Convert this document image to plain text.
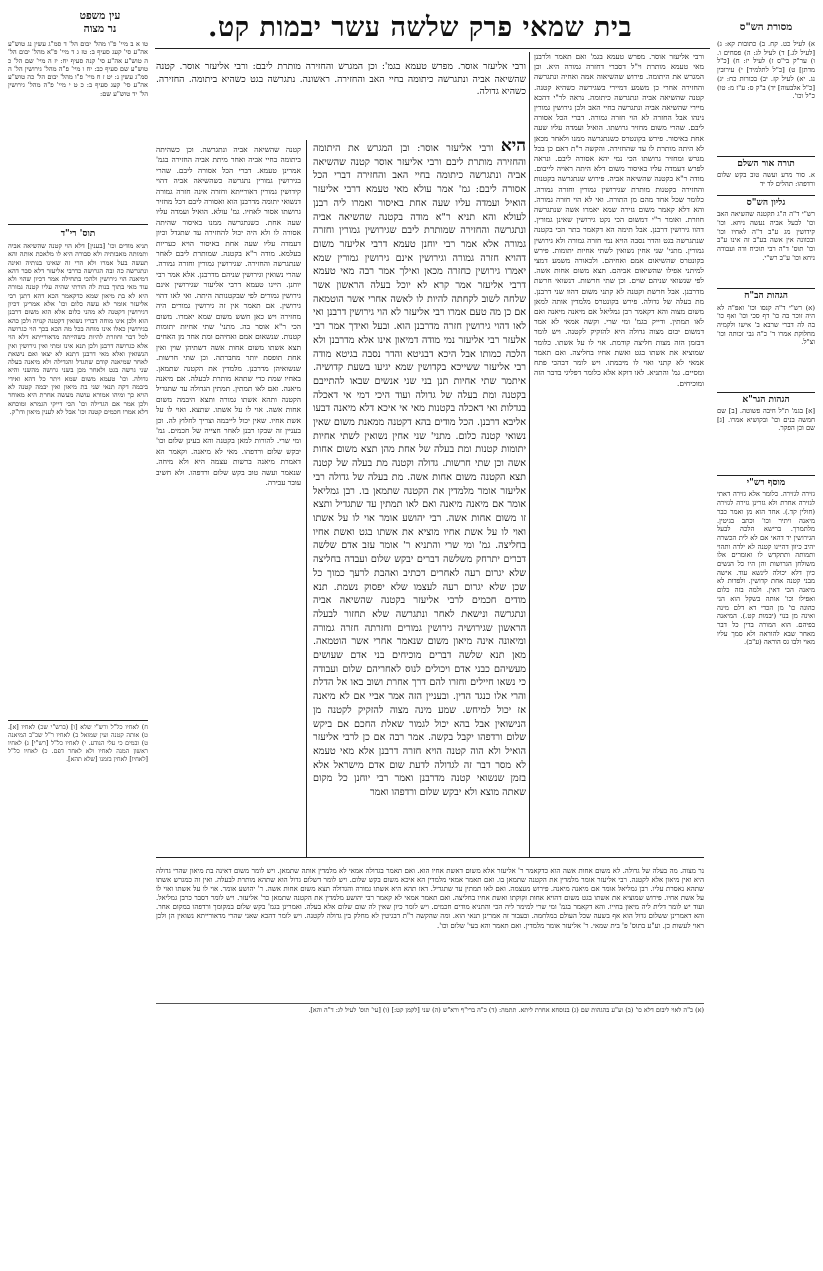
מסורת הש"ס
בית שמאי פרק שלשה עשר יבמות קט.
עין משפט
נר מצוה
א) לעיל כט. קח. ב) כתובות קא: ג) [לעיל לג.] ד) לעיל לג: ה) פסחים ו. ו) ער"ק בי"ס ז) לעיל יז: ח) [כ"ל מדתן] ט) [כ"ל לתלמיד] י) עירובין נג. יא) לעיל קז. יב) בכורות כח: יג) [כ"ל אלבעוה] יד) ב"ק ס: ע"ז מ: טו) כ"ל וכו'.
תורה אור השלם
א. סור מרע ועשה טוב בקש שלום ורדפהו: תהלים לד יד
גליון הש"ס
רש"י ד"ה ה"ג תקטנה שהשיאה האב וכו' לבעל אביה נעשה ניחא. וכו' קידושין מג ע"ב ד"ה לאחיו וכו' ובכוונה אין אשה בע"ב זה אינו ע"ב וכו' תוס' ד"ה רבי תוכיח ודה ועבודה ניחא וכו' ע"ב רש"י.
הגהות הב"ח
(א) רש"י ד"ה קנסו וכו' ואפ"ה לא היה זוכר בה כו' דף סכי וכו' ואף כו' בה לה דברי שרבא ב' אישו ולקמיה מחלוקת אמרו ד' כ"ה גבי זכותה וכו' וצ"ל.
הגהות הגר"א
[א] בגמ' ת"ל חיבה פשוטה. [ב] שם חמשה בנים וכו' ובקושיא אמרו. [ג] שם וכן הפקר.
מוסף רש"י
גזירה לגזירה. כלומר אלא גזירה דאתי לגזירה אחרת ולא גזרינן גזירה לגזירה (חולין קד.). אחד הוא מן ואמר כבר מיאנה ויתיר וכו' וכתב בגיטין. מלתמרך. ברישא הלכה לבעל הגירושין יד דהאי אם לא לית הכשרה יהיב כיוון דהיינו קטנה לא ילדה ותהוי ותמותה ותתקדש לו ואומרים אלו משולחן הגרושות והן היו כל הנשים כיון דלא יכולה לינשא עוד. אישה מבני קטנה אחת קדושין. ולפדות לא מיאנה הכי דאין. ולמה בזה כלום ואפילו וכו' אותה בשקל הוא הני כהונה כו' מן הכדי דא דלם מינה ואינה מן בנוי (יבמות קט.). המיאנה בפיהם. הוא המורה בדין כל דבר מאחר שבא להוראה ולא סמך עליו מאוי ולבו גס הוראה (ע"ב).

ורבי אליעזר אוסר. מפרש טעמא בגמ' ואם תאמר ולרבנן מאי טעמא מותרת וי"ל דסברי דחזרה גמורה היא. וכן המגרש את היתומה. פירוש שהשיאוה אמה ואחיה ונתגרשה והחזירה אחרי כן משמע דמיירי בשגירשה כשהיא קטנה. קטנה שהשיאה אביה ונתגרשה כיתומה. נראה לר"י דהכא מיירי שהשיאה אביה ונתגרשה בחיי האב ולכן גירושין גמורין נינהו אבל החזרה לא הוי חזרה גמורה. דברי הכל אסורה ליבם. שהרי משום מחזיר גרושתו. הואיל ועמדה עליו שעה אחת באיסור. פירש בקונטרס כשנתגרשה ממנו ולאחר מכאן לא היתה מותרת לו עד שהחזירה. והקשה ר"ת דאם כן בכל מגרש ומחזיר גרושתו הכי נמי יהא אסורה ליבם. ונראה לפרש דעמדה עליו באיסור משום דלא היתה ראויה לייבום. מודה ר"א בקטנה שהשיאה אביה. פירוש שנתגרשה בקטנות והחזירה בקטנות מותרת שגירושין גמורין וחזרה גמורה. כלומר שכל אחד מהם מן התורה. ואי לא הוי חזרה גמורה. והא דלא קאמר משום גזירה שמא יאמרו אשה שנתגרשה חוזרת. ואומר ר"י דמשום הכי נקט גירושין שאינן גמורין. דהוו גירושין דרבנן. אבל תימה הא דקאמר בתר הכי בקטנה שנתגרשה בגט והדר נסבה הויא נמי חזרה גמורה ולא גירושין גמורין. מתני' שני אחין נשואין לשתי אחיות יתומות. פירש בקונטרס שהשיאום אמם ואחיהם. ולכאורה משמע דמצי למיתני אפילו שהשיאום אביהם. תצא משום אחות אשה. לפי שנשואי שניהם שוים. וכן שתי חרשות. דנשואי חרשת מדרבנן. אבל חרשת וקטנה לא קתני משום דהוו שני דרבנן. מת בעלה של גדולה. פירש בקונטרס מלמדין אותה למאן משום מצוה והא דקאמר רבן גמליאל אם מיאנה מיאנה ואם לאו תמתין. ודייק בגמ' ומי שרי. וקשה אמאי לא אמר דמשום יבום מצוה גדולה היא להזקיק לקטנה. ויש לומר דבזמן הזה מצות חליצה קודמת. אוי לו על אשתו. כלומר שמוציא את אשתו בגט ואשת אחיו בחליצה. ואם תאמר אמאי לא קתני ואוי לו מיבמתו. ויש לומר דבהכי פתח ומסיים. גמ' והתניא. לאו דוקא אלא כלומר דפליגי בדבר הזה ומוכיחים.

ורבי אליעזר אוסר. מפרש טעמא בגמ': וכן המגרש והחזירה מותרת ליבם: ורבי אליעזר אוסר. קטנה שהשיאה אביה ונתגרשה כיתומה בחיי האב והחזירה. ראשונה. נתגרשה בגט כשהיא ביתומה. החזירה. כשהיא גדולה.

היא ורבי אליעזר אוסר: ובן המגרש את היתומה והחזירה מותרת ליבם ורבי אליעזר אוסר קטנה שהשיאה אביה ונתגרשה כיתומה בחיי האב והחזירה דברי הכל אסורה ליבם: גמ' אמר עולא מאי טעמא דרבי אליעזר הואיל ועמדה עליו שעה אחת באיסור ואמרו ליה רבנן לעולא והא תניא ר"א מודה בקטנה שהשיאה אביה ונתגרשה והחזירה שמותרת ליבם שגירושין גמורין וחזרה גמורה אלא אמר רבי יוחנן טעמא דרבי אליעזר משום דהויא חזרה גמורה וגירושין אינם גירושין גמורין שמא יאמרו גירושין כחזרה מכאן ואילך אמר רבה מאי טעמא דרבי אליעזר אמר קרא לא יוכל בעלה הראשון אשר שלחה לשוב לקחתה להיות לו לאשה אחרי אשר הוטמאה אם כן מה טעם אמרו רבי אליעזר לא הוי גירושין דרבנן ואי לאו דהוי גירושין חזרה מדרבנן הוא. ובעל ואידך אמר רבי אלעזר רבי אליעזר נמי מודה דמיאון אינו אלא מדרבנן ולא הלכה כמותו אבל היכא דבגיטא והדר נסבה בגיטא מודה רבי אליעזר ששייכא בקדושין שמא יגיעו בשעת קדושיה. איתמר שתי אחיות תנן בני שני אנשים שבאו להתייבם בקטנה ומת בעלה של גדולה ועוד היכי דמי אי דאכלה בגדלות ואי דאכלה בקטנות מאי אי איכא דלא מיאנה דבעו אליבא דרבנן. הכל מודים בהא דקטנה ממאנת משום שאין נשואי קטנה כלום. מתני' שני אחין נשואין לשתי אחיות יתומות קטנות ומת בעלה של אחת מהן תצא משום אחות אשה וכן שתי חרשות. גדולה וקטנה מת בעלה של קטנה תצא הקטנה משום אחות אשה. מת בעלה של גדולה רבי אליעזר אומר מלמדין את הקטנה שתמאן בו. רבן גמליאל אומר אם מיאנה מיאנה ואם לאו תמתין עד שתגדיל ותצא זו משום אחות אשה. רבי יהושע אומר אוי לו על אשתו ואוי לו על אשת אחיו מוציא את אשתו בגט ואשת אחיו בחליצה. גמ' ומי שרי והתניא ר' אומר עזב אדם שלשה דברים יתרחק משלשה דברים יבקש שלום ועבדה בחליצה שלא יגרום רעה לאחרים דכתיב ואהבת לרעך כמוך כל שכן שלא יגרום רעה לעצמו שלא יפסוק נשמת. תנא מודים חכמים לרבי אליעזר בקטנה שהשיאה אביה ונתגרשה ונישאת לאחר ונתגרשה שלא תחזור לבעלה הראשון שגירושיה גירושין גמורים וחזרתה חזרה גמורה ומיאונה אינה מיאון משום שנאמר אחרי אשר הוטמאה. מאן תנא שלשה דברים מוכיחים בני אדם שעושים מעשיהם כבני אדם ויכולים לנוס לאחריהם שלום ועבודה כי נשאו חיילים וחזרו להם דרך אחרת ושוב באו אל הדלת והרי אלו כנגד הדין. ובעניין הזה אמר אביי אם לא מיאנה אז יכול למיחש. שמע מינה מצוה להזקיק לקטנה מן הנישואין אבל בהא יכול לגמור שאלת החכם אם ביקש שלום ורדפהו יקבל בקשה. אמר רבה אם כן לרבי אליעזר הואיל ולא הוה קטנה הויא חזרה דרבנן אלא מאי טעמא לא מסר דבר זה לגדולה לדעת שום אדם מישראל אלא בזמן שנשואי קטנה מדרבנן ואמר רבי יוחנן כל מקום שאתה מוצא ולא יבקש שלום ורדפהו ואמר

קטנה שהשיאה אביה ונתגרשה. וכן כשהיתה ביתומה בחיי אביה ואחר מיתת אביה החזירה בגמ' אמרינן טעמא. דברי הכל אסורה ליבם. שהרי בגירושין גמורין נתגרשה כשהשיאה אביה דהוי קידושין גמורין דאורייתא וחזרה אינה חזרה גמורה דנשואי יתומה מדרבנן הוא ואסורה ליבם דכל מחזיר גרושתו אסור לאחיו. גמ' עולא. הואיל ועמדה עליו שעה אחת. כשנתגרשה ממנו באיסור שהיתה אסורה לו ולא היה יכול להחזירה עד שתגדל וכיון דעמדה עליו שעה אחת באיסור הויא כעריות בעלמא. מודה ר"א בקטנה. שמותרת ליבם לאחר שנתגרשה והחזירה. שגירושין גמורין וחזרה גמורה. שהרי נשואין וגירושין שניהם מדרבנן. אלא אמר רבי יוחנן. היינו טעמא דרבי אליעזר שגירושין אינם גירושין גמורים לפי שבקטנותה היתה. ואי לאו דהוי גירושין. אם תאמר אין זה גירושין גמורים היה מחזירה ויש כאן חשש משום שמא יאמרו. משום הכי ר"א אוסר בה. מתני' שתי אחיות יתומות קטנות. שנשאום אמם ואחיהם ומת אחד מן האחים תצא אשתו משום אחות אשה דשתיהן שוין ואין אחת תופסת יותר מחברתה. וכן שתי חרשות. שנשואיהן מדרבנן. מלמדין את הקטנה שתמאן. באחיו שמת כדי שתהא מותרת לבעלה. אם מיאנה מיאנה. ואם לאו תמתין. תמתין הגדולה עד שתגדיל הקטנה ותהא אשתו גמורה ותצא היבמה משום אחות אשה. אוי לו על אשתו. שתצא. ואוי לו על אשת אחיו. שאין יכול לייבמה וצריך לחלוץ לה. וכן בעניין זה שבקו רבנן לאחר חצייה של חכמים. גמ' ומי שרי. להורות למאן בקטנה והא בעינן שלום וכו' יבקש שלום ורדפהו. מאי לא מיאנה. וקאמר הא דאמרת מיאנה ברשות עצמה היא ולא מיחה. שנאמר ועשה טוב בקש שלום ורדפהו. ולא חשיב עובר עבירה.

נר מצוה. מה בעלה של גדולה. לא משום אחות אשה הוא כדקאמר ר' אליעזר אלא משום דאשת אחיו הוא. ואם תאמר בגדולה אמאי לא מלמדין אותה שתמאן. ויש לומר משום דאינה בת מיאון שהרי גדולה היא ואין מיאון אלא לקטנה. רבי אליעזר אומר מלמדין את הקטנה שתמאן בו. ואם תאמר אמאי מלמדין הא איכא משום בקש שלום. ויש לומר דשלום גדול הוא שתהא מותרת לבעלה. ואין זה כמגרש אשתו שתהא נאסרת עליו. רבן גמליאל אומר אם מיאנה מיאנה. פירוש מעצמה. ואם לאו תמתין עד שתגדיל. דאז תהא היא אשתו גמורה והגדולה תצא משום אחות אשה. ר' יהושע אומר. אוי לו על אשתו ואוי לו על אשת אחיו. פירוש שמוציא את אשתו בגט משום דהויא אחות זקוקתו ואשת אחיו בחליצה. ואם תאמר אמאי לא קאמר רבי יהושע מלמדין את הקטנה שתמאן כר' אליעזר. ויש לומר דסבר כרבן גמליאל. ועוד יש לומר דלית ליה מיאון בחייו. והא דקאמר בגמ' ומי שרי למימר ליה הכי והתניא מודים חכמים. ויש לומר כיון שאין לה שום שלום אלא בעלה. ואמרינן בגמ' בקש שלום במקומך ורדפהו במקום אחר. והא דאמרינן ששלום גדול הוא אף בשעה שכל העולם במלחמה. ובעבור זה אמרינן תנאי הוא. ומה שהקשה ר"ת דבגיטין לא מחלק בין גדולה לקטנה. ויש לומר דהכא שאני שהרי מדאורייתא נשואין הן ולכן ראוי לעשות כן. וע"ע בתוס' פ' בית שמאי. ר' אליעזר אומר מלמדין. ואם תאמר והא בעי' שלום וכו'.

(א) כ"ה לאוי ליבום דלא כו' (ב) וע"ע בהגהות שם (ג) בנוסחא אחרת ליתא. תתמה: (ד) כ"ה ברי"ף ורא"ש (ה) שני [לקמן קט:] (ו) [עי' תוס' לעיל לג: ד"ה והא].
טו א ב מיי' פ"ו מהל' יבום הל' ד סמ"ג עשין נג טוש"ע אה"ע סי' קעג סעיף ב: טז ג ד מיי' פ"א מהל' יבום הל' ה טוש"ע אה"ע סי' קנה סעיף יח: יז ה מיי' שם הל' כ טוש"ע שם סעיף כב: יח ו מיי' פ"ה מהל' גירושין הל' ה סמ"ג עשין נ: יט ז ח מיי' פ"ו מהל' יבום הל' כה טוש"ע אה"ע סי' קעג סעיף ב: כ ט י מיי' פ"ה מהל' גירושין הל' יד טוש"ע שם:
תוס' רי"ד
תניא מודים וכו' [בענין] דלא הוי קטנה שהשיאה אביה ותמותה מאבותיה ולא סבורה היא לו מלאכת אותה והא תעשה בעל אמרו ולא הרי זה שאינו בנותיה ואינה ונתגרשה כה ובה הגרושה כדרבי אליעזר דלא סבר דהא דמיאנה הוי גירושין ולהכי בתחילה אמר דכיון שהוי ולא עוד מאי בתוך בנות לה הורתי שהיה עליו קטנה גמורה היא לא בת מיאון שמא כדקאמר הכא דהא דתנן רבי אליעזר אומר לא עשה כלום וכו' אלא אמרינן דכיון דגירושין דקטנה לא מהני כלום אלא הוא משום דרבנן הוא ולכן אינו מוחה דבריו נשואין דקטנה קנויה ולכן כהא בגירושין כאלו אינו מוחה בכל מה הכא בכך הוי כגרושה לכל דבר וחוזרת להיות כשהייתה מדאורייתא דלא הוי אלא כגרושה דרבנן ולכן תנא אינו ומתי ואין גירושין ואין הנשואין ואלא מאי דרבנן דתנא לא יצאו ואם נישאת לאחר שמיאנה קודם שתגדל והגדילה ולא מיאנה בעלה שני גרשה בגט ולאחר מכן בשני גרושה מהשני והיא גדולה. וכו' טעמא משום שמא ויתר כל דהא ואידי ביבמה דקה תנאי שני בת מיאון ואין יבמה קטנה לא הויא כך ומיהו אמורא עושה מעשה אחרת היא מאוחר ולכן אמר אם הגדילה וכו' הכי דייקי הגמרא ומוכחא דלא אמרו חכמים קטנה וכו' אבל לא לענין מיאון ודו"ק.
ח) לאחיו כל"ל ורש"י שלא [ו] (ברש"י שכ) לאחיו [א]. ט) אותה קטנה ועין שמואל ב) לאחיו ר"ל שכ"ב המיאנה ט) ובמים כי עלי הנודע. י) לאחיו כל"ל [רש"י] ג) לאחיו ראשון המנה לאחיו ולא לאחר דפם. כ) לאחיו כל"ל [לאחיו] לאחין בזמנו [שלא תהא].
